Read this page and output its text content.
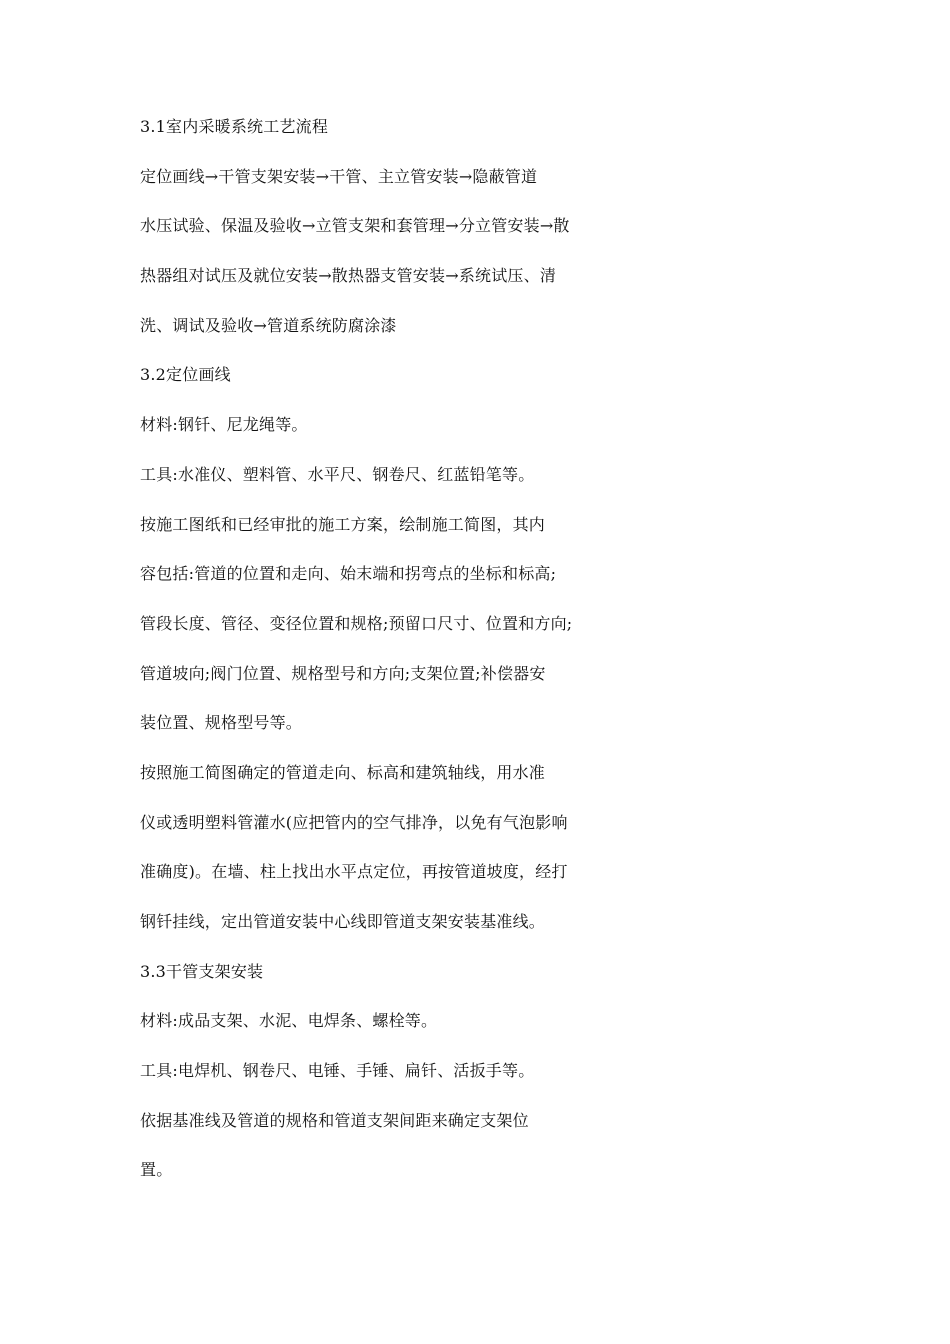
3.1室内采暖系统工艺流程
定位画线→干管支架安装→干管、主立管安装→隐蔽管道
水压试验、保温及验收→立管支架和套管理→分立管安装→散
热器组对试压及就位安装→散热器支管安装→系统试压、清
洗、调试及验收→管道系统防腐涂漆
3.2定位画线
材料:钢钎、尼龙绳等。
工具:水准仪、塑料管、水平尺、钢卷尺、红蓝铅笔等。
按施工图纸和已经审批的施工方案，绘制施工简图，其内
容包括:管道的位置和走向、始末端和拐弯点的坐标和标高;
管段长度、管径、变径位置和规格;预留口尺寸、位置和方向;
管道坡向;阀门位置、规格型号和方向;支架位置;补偿器安
装位置、规格型号等。
按照施工简图确定的管道走向、标高和建筑轴线，用水准
仪或透明塑料管灌水(应把管内的空气排净，以免有气泡影响
准确度)。在墙、柱上找出水平点定位，再按管道坡度，经打
钢钎挂线，定出管道安装中心线即管道支架安装基准线。
3.3干管支架安装
材料:成品支架、水泥、电焊条、螺栓等。
工具:电焊机、钢卷尺、电锤、手锤、扁钎、活扳手等。
依据基准线及管道的规格和管道支架间距来确定支架位
置。
